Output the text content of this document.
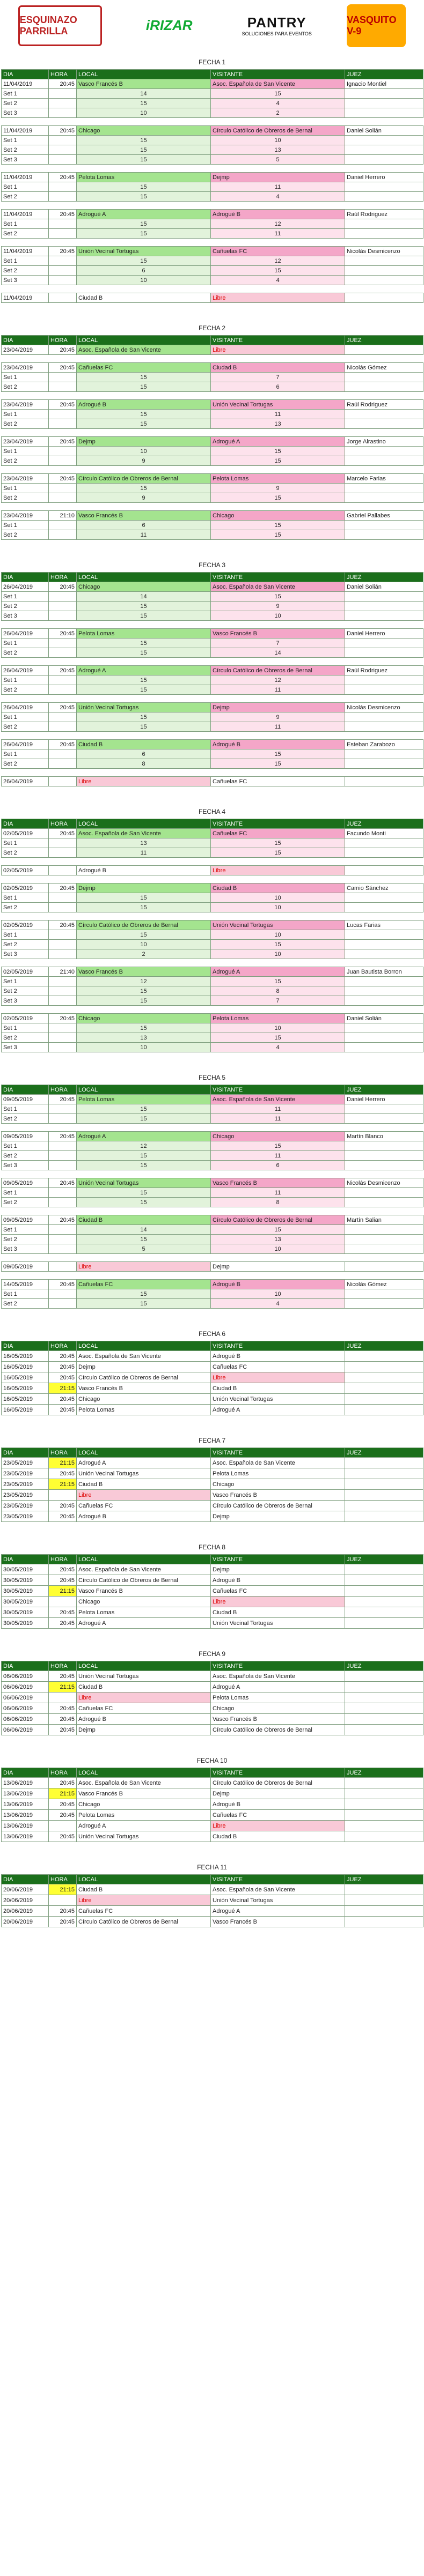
ESQUINAZO PARRILLA	iRIZAR	PANTRY
SOLUCIONES PARA EVENTOS
VASQUITO V-9
FECHA 1
DIA	HORA	LOCAL	VISITANTE	JUEZ
11/04/2019	20:45	Vasco Francés B	Asoc. Española de San Vicente	Ignacio Montiel
Set 1		14	15	
Set 2		15	4	
Set 3		10	2	

11/04/2019	20:45	Chicago	Círculo Católico de Obreros de Bernal	Daniel Solián
Set 1		15	10	
Set 2		15	13	
Set 3		15	5	

11/04/2019	20:45	Pelota Lomas	Dejmp	Daniel Herrero
Set 1		15	11	
Set 2		15	4	

11/04/2019	20:45	Adrogué A	Adrogué B	Raúl Rodriguez
Set 1		15	12	
Set 2		15	11	

11/04/2019	20:45	Unión Vecinal Tortugas	Cañuelas FC	Nicolás Desmicenzo
Set 1		15	12	
Set 2		6	15	
Set 3		10	4	

11/04/2019		Ciudad B	Libre	
FECHA 2
DIA	HORA	LOCAL	VISITANTE	JUEZ
23/04/2019	20:45	Asoc. Española de San Vicente	Libre	

23/04/2019	20:45	Cañuelas FC	Ciudad B	Nicolás Gómez
Set 1		15	7	
Set 2		15	6	

23/04/2019	20:45	Adrogué B	Unión Vecinal Tortugas	Raúl Rodriguez
Set 1		15	11	
Set 2		15	13	

23/04/2019	20:45	Dejmp	Adrogué A	Jorge Alrastino
Set 1		10	15	
Set 2		9	15	

23/04/2019	20:45	Círculo Católico de Obreros de Bernal	Pelota Lomas	Marcelo Farias
Set 1		15	9	
Set 2		9	15	

23/04/2019	21:10	Vasco Francés B	Chicago	Gabriel Pallabes
Set 1		6	15	
Set 2		11	15	
FECHA 3
DIA	HORA	LOCAL	VISITANTE	JUEZ
26/04/2019	20:45	Chicago	Asoc. Española de San Vicente	Daniel Solián
Set 1		14	15	
Set 2		15	9	
Set 3		15	10	

26/04/2019	20:45	Pelota Lomas	Vasco Francés B	Daniel Herrero
Set 1		15	7	
Set 2		15	14	

26/04/2019	20:45	Adrogué A	Círculo Católico de Obreros de Bernal	Raúl Rodriguez
Set 1		15	12	
Set 2		15	11	

26/04/2019	20:45	Unión Vecinal Tortugas	Dejmp	Nicolás Desmicenzo
Set 1		15	9	
Set 2		15	11	

26/04/2019	20:45	Ciudad B	Adrogué B	Esteban Zarabozo
Set 1		6	15	
Set 2		8	15	

26/04/2019		Libre	Cañuelas FC	
FECHA 4
DIA	HORA	LOCAL	VISITANTE	JUEZ
02/05/2019	20:45	Asoc. Española de San Vicente	Cañuelas FC	Facundo Monti
Set 1		13	15	
Set 2		11	15	

02/05/2019		Adrogué B	Libre	

02/05/2019	20:45	Dejmp	Ciudad B	Camio Sánchez
Set 1		15	10	
Set 2		15	10	

02/05/2019	20:45	Círculo Católico de Obreros de Bernal	Unión Vecinal Tortugas	Lucas Farias
Set 1		15	10	
Set 2		10	15	
Set 3		2	10	

02/05/2019	21:40	Vasco Francés B	Adrogué A	Juan Bautista Borron
Set 1		12	15	
Set 2		15	8	
Set 3		15	7	

02/05/2019	20:45	Chicago	Pelota Lomas	Daniel Solián
Set 1		15	10	
Set 2		13	15	
Set 3		10	4	
FECHA 5
DIA	HORA	LOCAL	VISITANTE	JUEZ
09/05/2019	20:45	Pelota Lomas	Asoc. Española de San Vicente	Daniel Herrero
Set 1		15	11	
Set 2		15	11	

09/05/2019	20:45	Adrogué A	Chicago	Martín Blanco
Set 1		12	15	
Set 2		15	11	
Set 3		15	6	

09/05/2019	20:45	Unión Vecinal Tortugas	Vasco Francés B	Nicolás Desmicenzo
Set 1		15	11	
Set 2		15	8	

09/05/2019	20:45	Ciudad B	Círculo Católico de Obreros de Bernal	Martín Salian
Set 1		14	15	
Set 2		15	13	
Set 3		5	10	

09/05/2019		Libre	Dejmp	

14/05/2019	20:45	Cañuelas FC	Adrogué B	Nicolás Gómez
Set 1		15	10	
Set 2		15	4	
FECHA 6
DIA	HORA	LOCAL	VISITANTE	JUEZ
16/05/2019	20:45	Asoc. Española de San Vicente	Adrogué B	
16/05/2019	20:45	Dejmp	Cañuelas FC	
16/05/2019	20:45	Círculo Católico de Obreros de Bernal	Libre	
16/05/2019	21:15	Vasco Francés B	Ciudad B	
16/05/2019	20:45	Chicago	Unión Vecinal Tortugas	
16/05/2019	20:45	Pelota Lomas	Adrogué A	
FECHA 7
DIA	HORA	LOCAL	VISITANTE	JUEZ
23/05/2019	21:15	Adrogué A	Asoc. Española de San Vicente	
23/05/2019	20:45	Unión Vecinal Tortugas	Pelota Lomas	
23/05/2019	21:15	Ciudad B	Chicago	
23/05/2019		Libre	Vasco Francés B	
23/05/2019	20:45	Cañuelas FC	Círculo Católico de Obreros de Bernal	
23/05/2019	20:45	Adrogué B	Dejmp	
FECHA 8
DIA	HORA	LOCAL	VISITANTE	JUEZ
30/05/2019	20:45	Asoc. Española de San Vicente	Dejmp	
30/05/2019	20:45	Círculo Católico de Obreros de Bernal	Adrogué B	
30/05/2019	21:15	Vasco Francés B	Cañuelas FC	
30/05/2019		Chicago	Libre	
30/05/2019	20:45	Pelota Lomas	Ciudad B	
30/05/2019	20:45	Adrogué A	Unión Vecinal Tortugas	
FECHA 9
DIA	HORA	LOCAL	VISITANTE	JUEZ
06/06/2019	20:45	Unión Vecinal Tortugas	Asoc. Española de San Vicente	
06/06/2019	21:15	Ciudad B	Adrogué A	
06/06/2019		Libre	Pelota Lomas	
06/06/2019	20:45	Cañuelas FC	Chicago	
06/06/2019	20:45	Adrogué B	Vasco Francés B	
06/06/2019	20:45	Dejmp	Círculo Católico de Obreros de Bernal	
FECHA 10
DIA	HORA	LOCAL	VISITANTE	JUEZ
13/06/2019	20:45	Asoc. Española de San Vicente	Círculo Católico de Obreros de Bernal	
13/06/2019	21:15	Vasco Francés B	Dejmp	
13/06/2019	20:45	Chicago	Adrogué B	
13/06/2019	20:45	Pelota Lomas	Cañuelas FC	
13/06/2019		Adrogué A	Libre	
13/06/2019	20:45	Unión Vecinal Tortugas	Ciudad B	
FECHA 11
DIA	HORA	LOCAL	VISITANTE	JUEZ
20/06/2019	21:15	Ciudad B	Asoc. Española de San Vicente	
20/06/2019		Libre	Unión Vecinal Tortugas	
20/06/2019	20:45	Cañuelas FC	Adrogué A	
20/06/2019	20:45	Círculo Católico de Obreros de Bernal	Vasco Francés B	
